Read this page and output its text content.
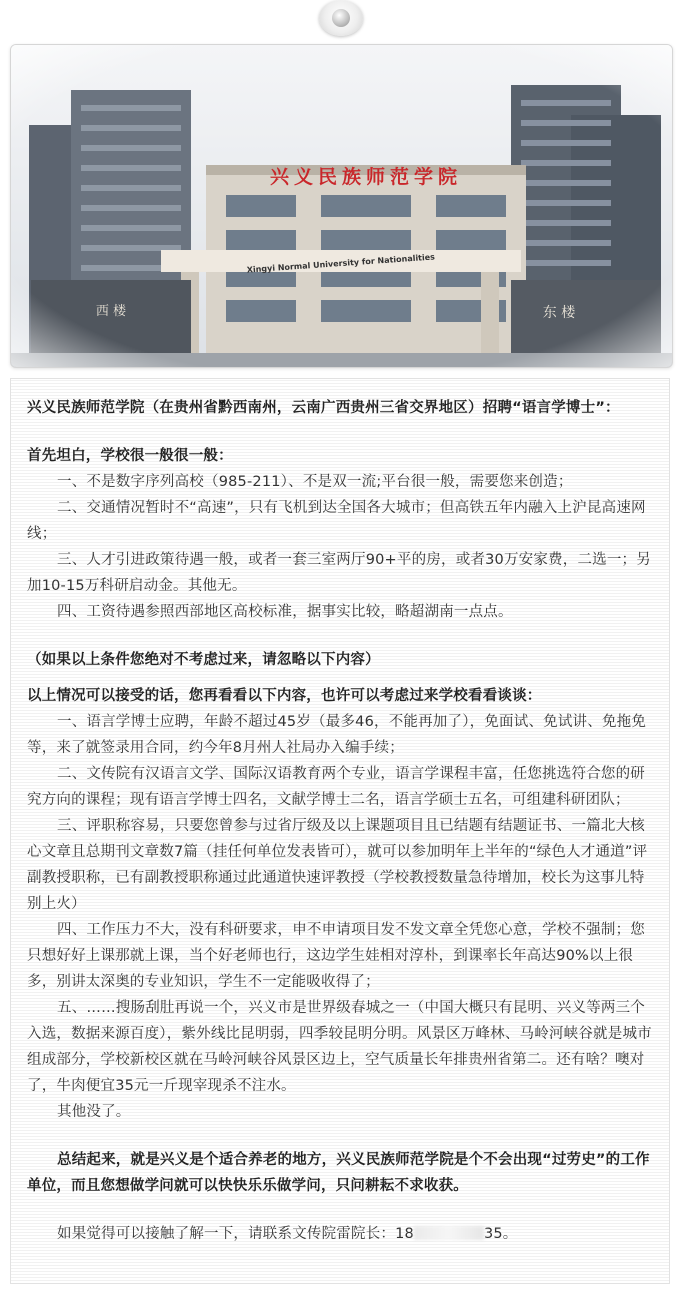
兴义民族师范学院（在贵州省黔西南州，云南广西贵州三省交界地区）招聘“语言学博士”：

首先坦白，学校很一般很一般：

一、不是数字序列高校（985-211）、不是双一流;平台很一般，需要您来创造；

二、交通情况暂时不“高速”，只有飞机到达全国各大城市；但高铁五年内融入上沪昆高速网线；

三、人才引进政策待遇一般，或者一套三室两厅90+平的房，或者30万安家费，二选一；另加10-15万科研启动金。其他无。

四、工资待遇参照西部地区高校标准，据事实比较，略超湖南一点点。

（如果以上条件您绝对不考虑过来，请忽略以下内容）

以上情况可以接受的话，您再看看以下内容，也许可以考虑过来学校看看谈谈：

一、语言学博士应聘，年龄不超过45岁（最多46，不能再加了），免面试、免试讲、免拖免等，来了就签录用合同，约今年8月州人社局办入编手续；

二、文传院有汉语言文学、国际汉语教育两个专业，语言学课程丰富，任您挑选符合您的研究方向的课程；现有语言学博士四名，文献学博士二名，语言学硕士五名，可组建科研团队；

三、评职称容易，只要您曾参与过省厅级及以上课题项目且已结题有结题证书、一篇北大核心文章且总期刊文章数7篇（挂任何单位发表皆可），就可以参加明年上半年的“绿色人才通道”评副教授职称，已有副教授职称通过此通道快速评教授（学校教授数量急待增加，校长为这事儿特别上火）

四、工作压力不大，没有科研要求，申不申请项目发不发文章全凭您心意，学校不强制；您只想好好上课那就上课，当个好老师也行，这边学生娃相对淳朴，到课率长年高达90%以上很多，别讲太深奥的专业知识，学生不一定能吸收得了；

五、……搜肠刮肚再说一个，兴义市是世界级春城之一（中国大概只有昆明、兴义等两三个入选，数据来源百度），紫外线比昆明弱，四季较昆明分明。风景区万峰林、马岭河峡谷就是城市组成部分，学校新校区就在马岭河峡谷风景区边上，空气质量长年排贵州省第二。还有啥？噢对了，牛肉便宜35元一斤现宰现杀不注水。

其他没了。

总结起来，就是兴义是个适合养老的地方，兴义民族师范学院是个不会出现“过劳史”的工作单位，而且您想做学问就可以快快乐乐做学问，只问耕耘不求收获。

如果觉得可以接触了解一下，请联系文传院雷院长：18	35。
